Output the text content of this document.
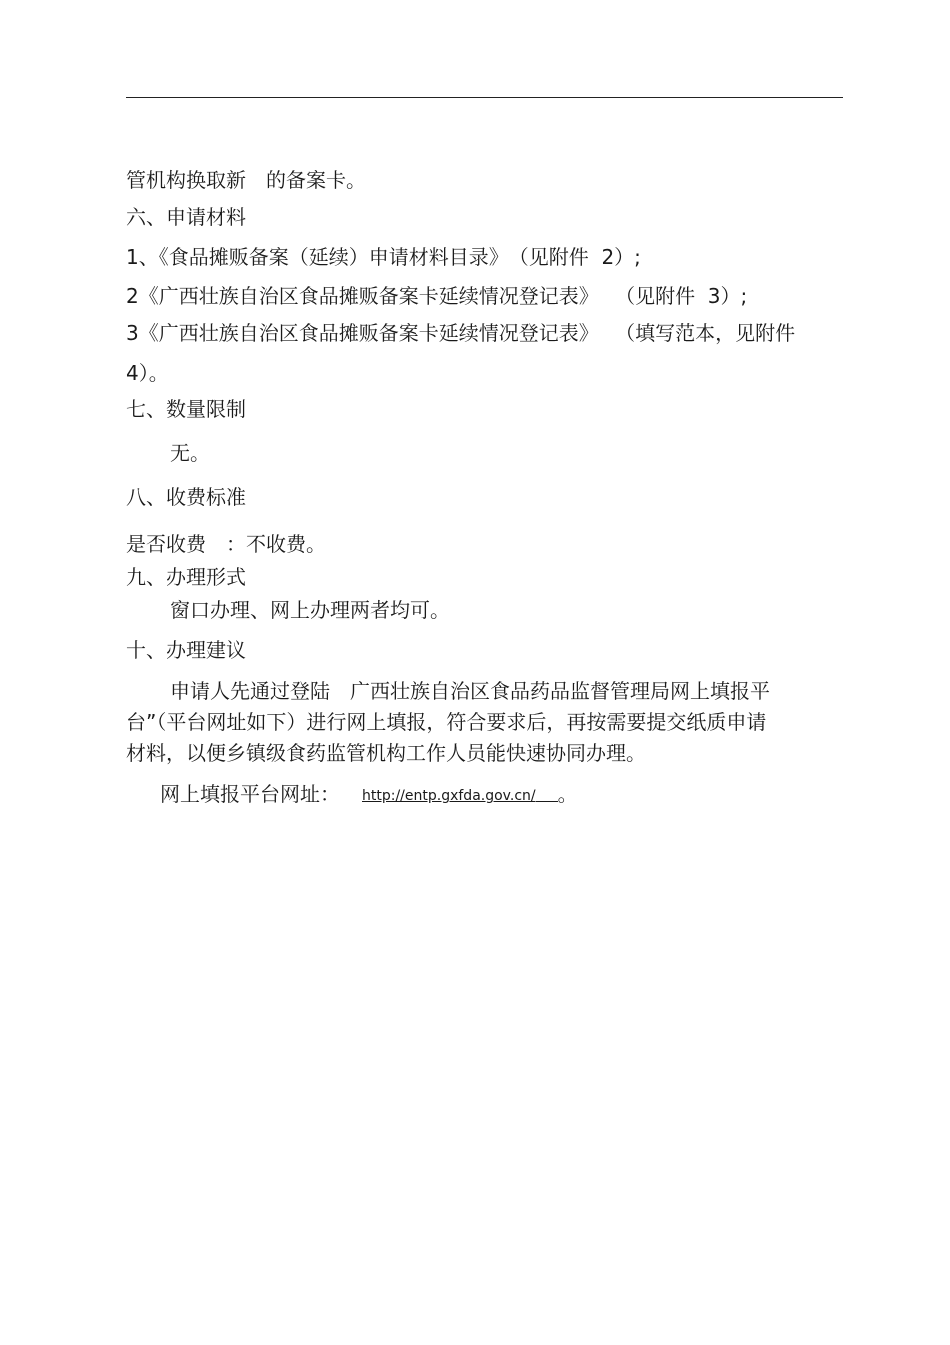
管机构换取新　的备案卡。
六、申请材料
1、《食品摊贩备案（延续）申请材料目录》　（见附件  2）;
2《广西壮族自治区食品摊贩备案卡延续情况登记表》　 （见附件  3）;
3《广西壮族自治区食品摊贩备案卡延续情况登记表》　 （填写范本，见附件
4）。
七、数量限制
无。
八、收费标准
是否收费　：不收费。
九、办理形式
窗口办理、网上办理两者均可。
十、办理建议
申请人先通过登陆　广西壮族自治区食品药品监督管理局网上填报平
台”（平台网址如下）进行网上填报，符合要求后，再按需要提交纸质申请
材料，以便乡镇级食药监管机构工作人员能快速协同办理。
网上填报平台网址： http://entp.gxfda.gov.cn/ 。
